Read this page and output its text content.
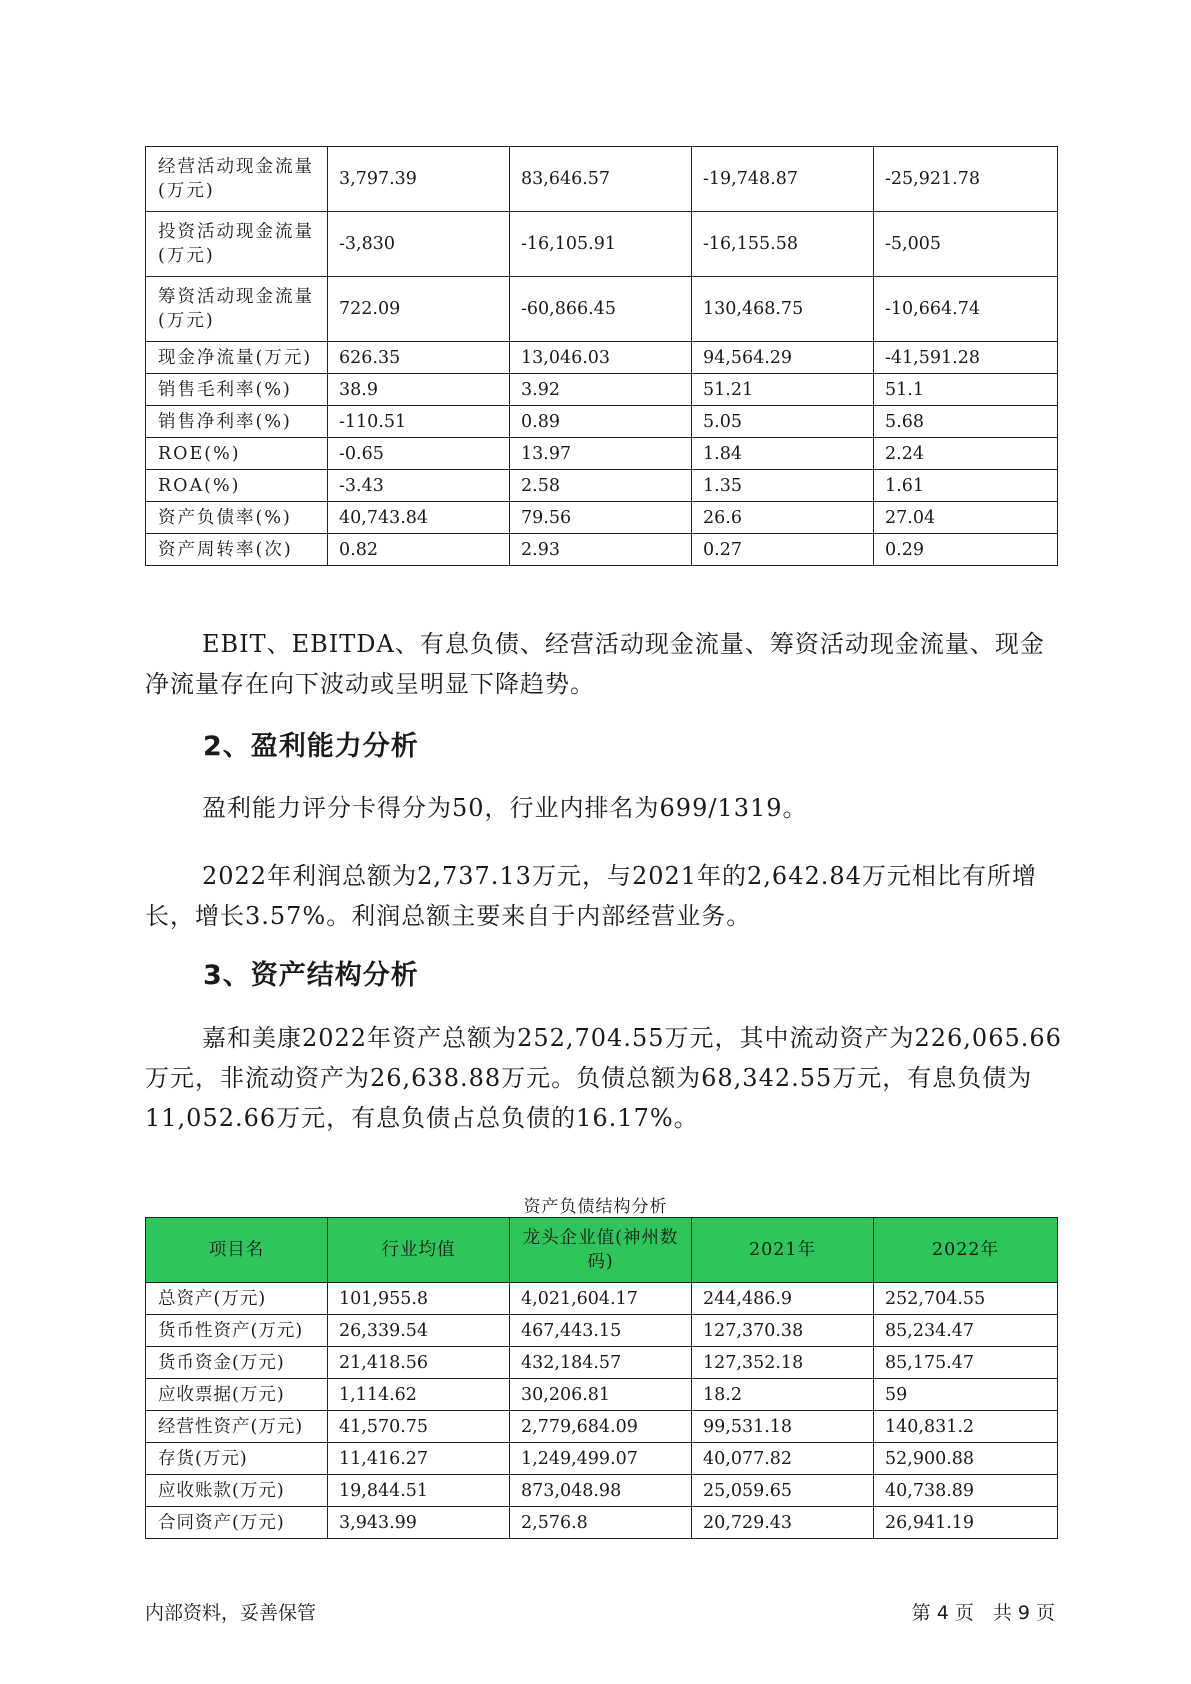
经营活动现金流量
(万元)	3,797.39	83,646.57	-19,748.87	-25,921.78
投资活动现金流量
(万元)	-3,830	-16,105.91	-16,155.58	-5,005
筹资活动现金流量
(万元)	722.09	-60,866.45	130,468.75	-10,664.74
现金净流量(万元)	626.35	13,046.03	94,564.29	-41,591.28
销售毛利率(%)	38.9	3.92	51.21	51.1
销售净利率(%)	-110.51	0.89	5.05	5.68
ROE(%)	-0.65	13.97	1.84	2.24
ROA(%)	-3.43	2.58	1.35	1.61
资产负债率(%)	40,743.84	79.56	26.6	27.04
资产周转率(次)	0.82	2.93	0.27	0.29

EBIT、EBITDA、有息负债、经营活动现金流量、筹资活动现金流量、现金净流量存在向下波动或呈明显下降趋势。

2、盈利能力分析

盈利能力评分卡得分为50，行业内排名为699/1319。

2022年利润总额为2,737.13万元，与2021年的2,642.84万元相比有所增长，增长3.57%。利润总额主要来自于内部经营业务。

3、资产结构分析

嘉和美康2022年资产总额为252,704.55万元，其中流动资产为226,065.66万元，非流动资产为26,638.88万元。负债总额为68,342.55万元，有息负债为11,052.66万元，有息负债占总负债的16.17%。

资产负债结构分析
项目名	行业均值	龙头企业值(神州数码)	2021年	2022年
总资产(万元)	101,955.8	4,021,604.17	244,486.9	252,704.55
货币性资产(万元)	26,339.54	467,443.15	127,370.38	85,234.47
货币资金(万元)	21,418.56	432,184.57	127,352.18	85,175.47
应收票据(万元)	1,114.62	30,206.81	18.2	59
经营性资产(万元)	41,570.75	2,779,684.09	99,531.18	140,831.2
存货(万元)	11,416.27	1,249,499.07	40,077.82	52,900.88
应收账款(万元)	19,844.51	873,048.98	25,059.65	40,738.89
合同资产(万元)	3,943.99	2,576.8	20,729.43	26,941.19
内部资料，妥善保管	第 4 页　共 9 页
